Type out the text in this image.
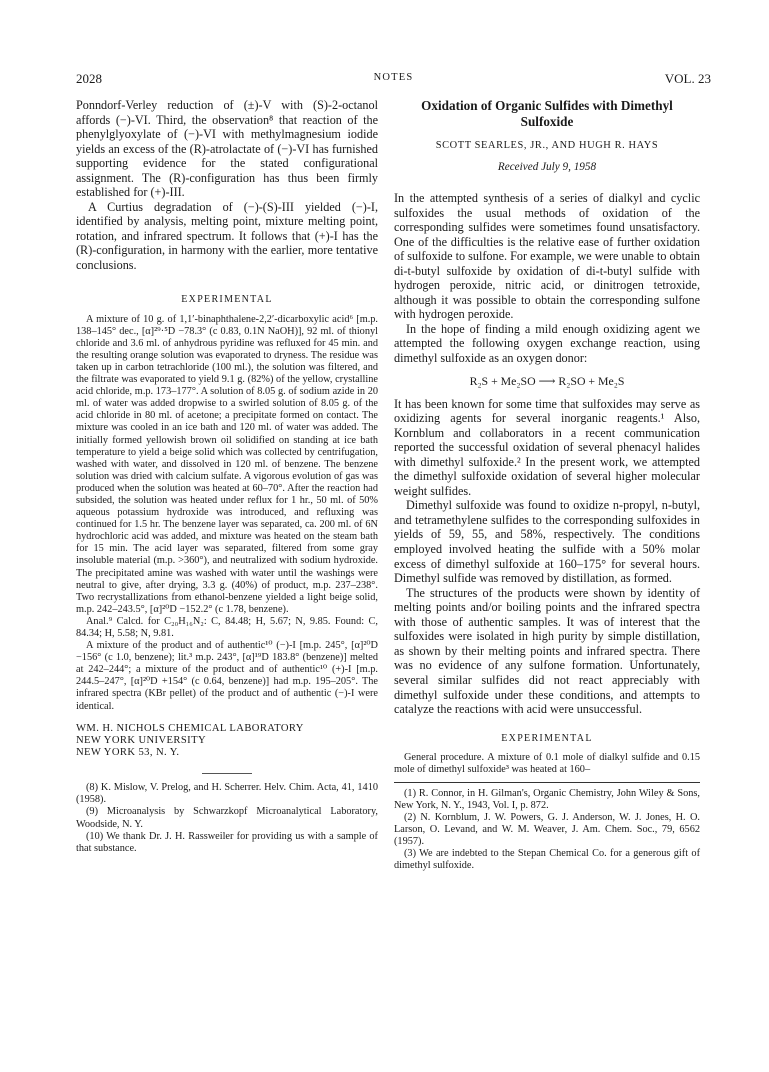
2028	NOTES	VOL. 23

Ponndorf-Verley reduction of (±)-V with (S)-2-octanol affords (−)-VI. Third, the observation⁸ that reaction of the phenylglyoxylate of (−)-VI with methylmagnesium iodide yields an excess of the (R)-atrolactate of (−)-VI has furnished supporting evidence for the stated configurational assignment. The (R)-configuration has thus been firmly established for (+)-III.

A Curtius degradation of (−)-(S)-III yielded (−)-I, identified by analysis, melting point, mixture melting point, rotation, and infrared spectrum. It follows that (+)-I has the (R)-configuration, in harmony with the earlier, more tentative conclusions.

EXPERIMENTAL

A mixture of 10 g. of 1,1′-binaphthalene-2,2′-dicarboxylic acid⁶ [m.p. 138–145° dec., [α]²⁹·⁵D −78.3° (c 0.83, 0.1N NaOH)], 92 ml. of thionyl chloride and 3.6 ml. of anhydrous pyridine was refluxed for 45 min. and the resulting orange solution was evaporated to dryness. The residue was taken up in carbon tetrachloride (100 ml.), the solution was filtered, and the filtrate was evaporated to yield 9.1 g. (82%) of the yellow, crystalline acid chloride, m.p. 173–177°. A solution of 8.05 g. of sodium azide in 20 ml. of water was added dropwise to a swirled solution of 8.05 g. of the acid chloride in 80 ml. of acetone; a precipitate formed on contact. The mixture was cooled in an ice bath and 120 ml. of water was added. The initially formed yellowish brown oil solidified on standing at ice bath temperature to yield a beige solid which was collected by centrifugation, washed with water, and dissolved in 120 ml. of benzene. The benzene solution was dried with calcium sulfate. A vigorous evolution of gas was produced when the solution was heated at 60–70°. After the reaction had subsided, the solution was heated under reflux for 1 hr., 50 ml. of 50% aqueous potassium hydroxide was introduced, and refluxing was continued for 1.5 hr. The benzene layer was separated, ca. 200 ml. of 6N hydrochloric acid was added, and mixture was heated on the steam bath for 15 min. The acid layer was separated, filtered from some gray insoluble material (m.p. >360°), and neutralized with sodium hydroxide. The precipitated amine was washed with water until the washings were neutral to give, after drying, 3.3 g. (40%) of product, m.p. 237–238°. Two recrystallizations from ethanol-benzene yielded a light beige solid, m.p. 242–243.5°, [α]²⁰D −152.2° (c 1.78, benzene).

Anal.⁹ Calcd. for C₂₀H₁₆N₂: C, 84.48; H, 5.67; N, 9.85. Found: C, 84.34; H, 5.58; N, 9.81.

A mixture of the product and of authentic¹⁰ (−)-I [m.p. 245°, [α]²⁰D −156° (c 1.0, benzene); lit.³ m.p. 243°, [α]¹⁹D 183.8° (benzene)] melted at 242–244°; a mixture of the product and of authentic¹⁰ (+)-I [m.p. 244.5–247°, [α]²⁰D +154° (c 0.64, benzene)] had m.p. 195–205°. The infrared spectra (KBr pellet) of the product and of authentic (−)-I were identical.

WM. H. NICHOLS CHEMICAL LABORATORY
NEW YORK UNIVERSITY
NEW YORK 53, N. Y.

(8) K. Mislow, V. Prelog, and H. Scherrer. Helv. Chim. Acta, 41, 1410 (1958).

(9) Microanalysis by Schwarzkopf Microanalytical Laboratory, Woodside, N. Y.

(10) We thank Dr. J. H. Rassweiler for providing us with a sample of that substance.

Oxidation of Organic Sulfides with Dimethyl Sulfoxide

SCOTT SEARLES, JR., AND HUGH R. HAYS

Received July 9, 1958

In the attempted synthesis of a series of dialkyl and cyclic sulfoxides the usual methods of oxidation of the corresponding sulfides were sometimes found unsatisfactory. One of the difficulties is the relative ease of further oxidation of sulfoxide to sulfone. For example, we were unable to obtain di-t-butyl sulfoxide by oxidation of di-t-butyl sulfide with hydrogen peroxide, nitric acid, or dinitrogen tetroxide, although it was possible to obtain the corresponding sulfone with hydrogen peroxide.

In the hope of finding a mild enough oxidizing agent we attempted the following oxygen exchange reaction, using dimethyl sulfoxide as an oxygen donor:

R₂S + Me₂SO ⟶ R₂SO + Me₂S

It has been known for some time that sulfoxides may serve as oxidizing agents for several inorganic reagents.¹ Also, Kornblum and collaborators in a recent communication reported the successful oxidation of several phenacyl halides with dimethyl sulfoxide.² In the present work, we attempted the dimethyl sulfoxide oxidation of several higher molecular weight sulfides.

Dimethyl sulfoxide was found to oxidize n-propyl, n-butyl, and tetramethylene sulfides to the corresponding sulfoxides in yields of 59, 55, and 58%, respectively. The conditions employed involved heating the sulfide with a 50% molar excess of dimethyl sulfoxide at 160–175° for several hours. Dimethyl sulfide was removed by distillation, as formed.

The structures of the products were shown by identity of melting points and/or boiling points and the infrared spectra with those of authentic samples. It was of interest that the sulfoxides were isolated in high purity by simple distillation, as shown by their melting points and infrared spectra. There was no evidence of any sulfone formation. Unfortunately, several similar sulfides did not react appreciably with dimethyl sulfoxide under these conditions, and attempts to catalyze the reactions with acid were unsuccessful.

EXPERIMENTAL

General procedure. A mixture of 0.1 mole of dialkyl sulfide and 0.15 mole of dimethyl sulfoxide³ was heated at 160–

(1) R. Connor, in H. Gilman's, Organic Chemistry, John Wiley & Sons, New York, N. Y., 1943, Vol. I, p. 872.

(2) N. Kornblum, J. W. Powers, G. J. Anderson, W. J. Jones, H. O. Larson, O. Levand, and W. M. Weaver, J. Am. Chem. Soc., 79, 6562 (1957).

(3) We are indebted to the Stepan Chemical Co. for a generous gift of dimethyl sulfoxide.
